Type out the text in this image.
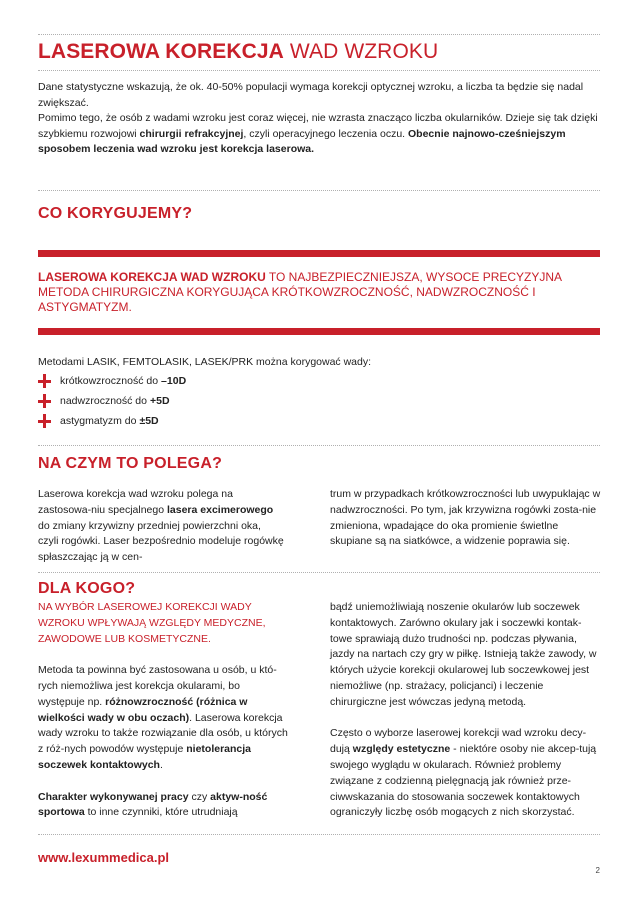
LASEROWA KOREKCJA WAD WZROKU
Dane statystyczne wskazują, że ok. 40-50% populacji wymaga korekcji optycznej wzroku, a liczba ta będzie się nadal zwiększać.
Pomimo tego, że osób z wadami wzroku jest coraz więcej, nie wzrasta znacząco liczba okularników. Dzieje się tak dzięki szybkiemu rozwojowi chirurgii refrakcyjnej, czyli operacyjnego leczenia oczu. Obecnie najnowo-cześniejszym sposobem leczenia wad wzroku jest korekcja laserowa.
CO KORYGUJEMY?
LASEROWA KOREKCJA WAD WZROKU TO NAJBEZPIECZNIEJSZA, WYSOCE PRECYZYJNA METODA CHIRURGICZNA KORYGUJĄCA KRÓTKOWZROCZNOŚĆ, NADWZROCZNOŚĆ I ASTYGMATYZM.
Metodami LASIK, FEMTOLASIK, LASEK/PRK można korygować wady:
krótkowzroczność do –10D
nadwzroczność do +5D
astygmatyzm do ±5D
NA CZYM TO POLEGA?
Laserowa korekcja wad wzroku polega na zastosowa-niu specjalnego lasera excimerowego do zmiany krzywizny przedniej powierzchni oka, czyli rogówki. Laser bezpośrednio modeluje rogówkę spłaszczając ją w cen-
trum w przypadkach krótkowzroczności lub uwypuklając w nadwzroczności. Po tym, jak krzywizna rogówki zosta-nie zmieniona, wpadające do oka promienie świetlne skupiane są na siatkówce, a widzenie poprawia się.
DLA KOGO?
NA WYBÓR LASEROWEJ KOREKCJI WADY WZROKU WPŁYWAJĄ WZGLĘDY MEDYCZNE, ZAWODOWE LUB KOSMETYCZNE.
Metoda ta powinna być zastosowana u osób, u któ-rych niemożliwa jest korekcja okularami, bo występuje np. różnowzroczność (różnica w wielkości wady w obu oczach). Laserowa korekcja wady wzroku to także rozwiązanie dla osób, u których z róż-nych powodów występuje nietolerancja soczewek kontaktowych.
Charakter wykonywanej pracy czy aktyw-ność sportowa to inne czynniki, które utrudniają
bądź uniemożliwiają noszenie okularów lub soczewek kontaktowych. Zarówno okulary jak i soczewki kontak-towe sprawiają dużo trudności np. podczas pływania, jazdy na nartach czy gry w piłkę. Istnieją także zawody, w których użycie korekcji okularowej lub soczewkowej jest niemożliwe (np. strażacy, policjanci) i leczenie chirurgiczne jest wówczas jedyną metodą.
Często o wyborze laserowej korekcji wad wzroku decy-dują względy estetyczne - niektóre osoby nie akcep-tują swojego wyglądu w okularach. Również problemy związane z codzienną pielęgnacją jak również prze-ciwwskazania do stosowania soczewek kontaktowych ograniczyły liczbę osób mogących z nich skorzystać.
www.lexummedica.pl
2
